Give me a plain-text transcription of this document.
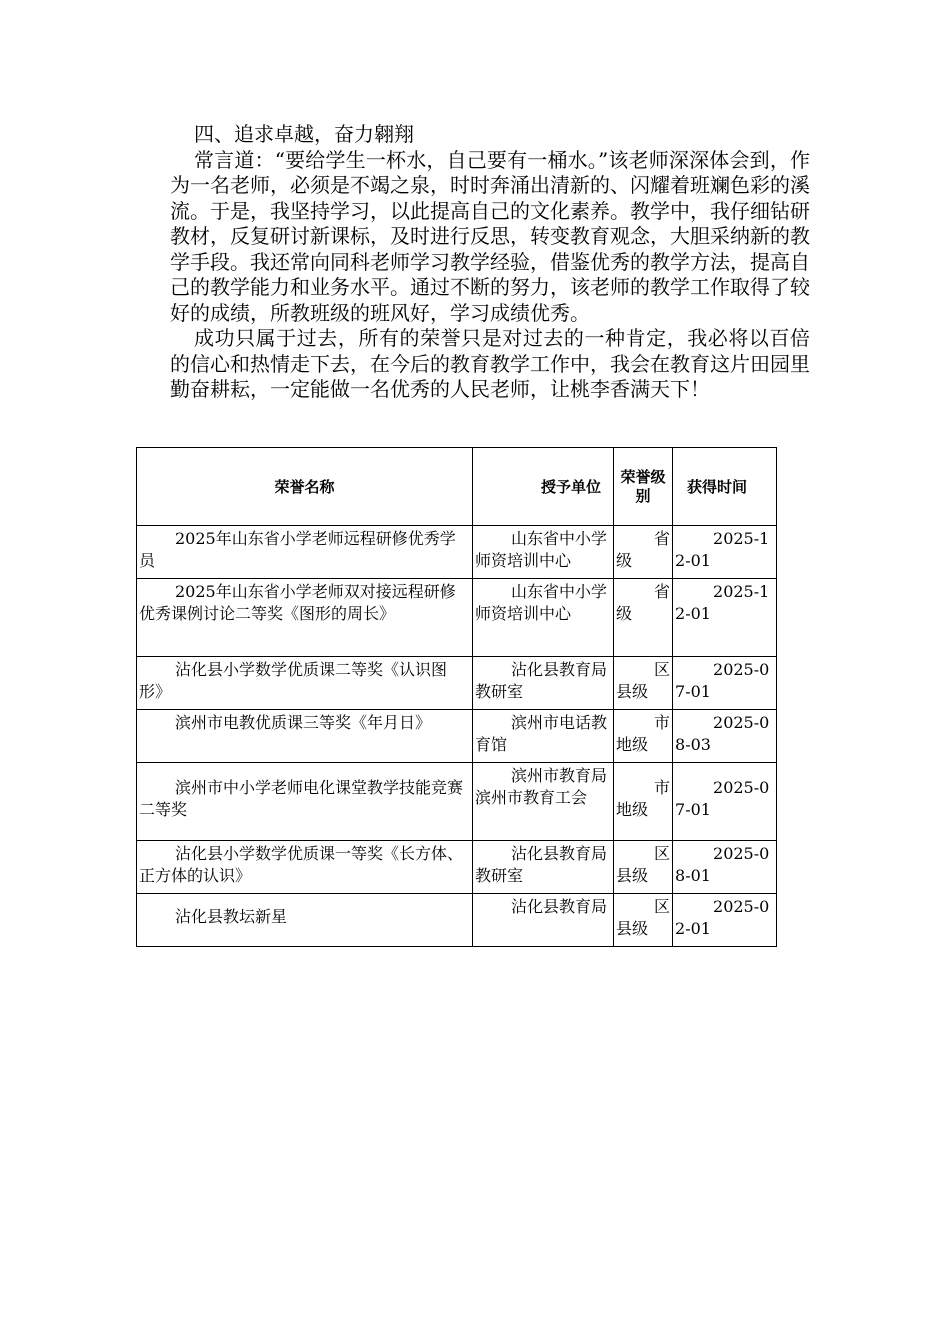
四、追求卓越，奋力翱翔

常言道：“要给学生一杯水，自己要有一桶水。”该老师深深体会到，作为一名老师，必须是不竭之泉，时时奔涌出清新的、闪耀着班斓色彩的溪流。于是，我坚持学习，以此提高自己的文化素养。教学中，我仔细钻研教材，反复研讨新课标，及时进行反思，转变教育观念，大胆采纳新的教学手段。我还常向同科老师学习教学经验，借鉴优秀的教学方法，提高自己的教学能力和业务水平。通过不断的努力，该老师的教学工作取得了较好的成绩，所教班级的班风好，学习成绩优秀。

成功只属于过去，所有的荣誉只是对过去的一种肯定，我必将以百倍的信心和热情走下去，在今后的教育教学工作中，我会在教育这片田园里勤奋耕耘，一定能做一名优秀的人民老师，让桃李香满天下！

荣誉名称	授予单位	荣誉级别	获得时间
2025年山东省小学老师远程研修优秀学员	山东省中小学师资培训中心	省级	2025-12-01
2025年山东省小学老师双对接远程研修优秀课例讨论二等奖《图形的周长》	山东省中小学师资培训中心	省级	2025-12-01
沾化县小学数学优质课二等奖《认识图形》	沾化县教育局教研室	区县级	2025-07-01
滨州市电教优质课三等奖《年月日》	滨州市电话教育馆	市地级	2025-08-03
滨州市中小学老师电化课堂教学技能竞赛二等奖	滨州市教育局 滨州市教育工会	市地级	2025-07-01
沾化县小学数学优质课一等奖《长方体、正方体的认识》	沾化县教育局教研室	区县级	2025-08-01
沾化县教坛新星	沾化县教育局	区县级	2025-02-01
